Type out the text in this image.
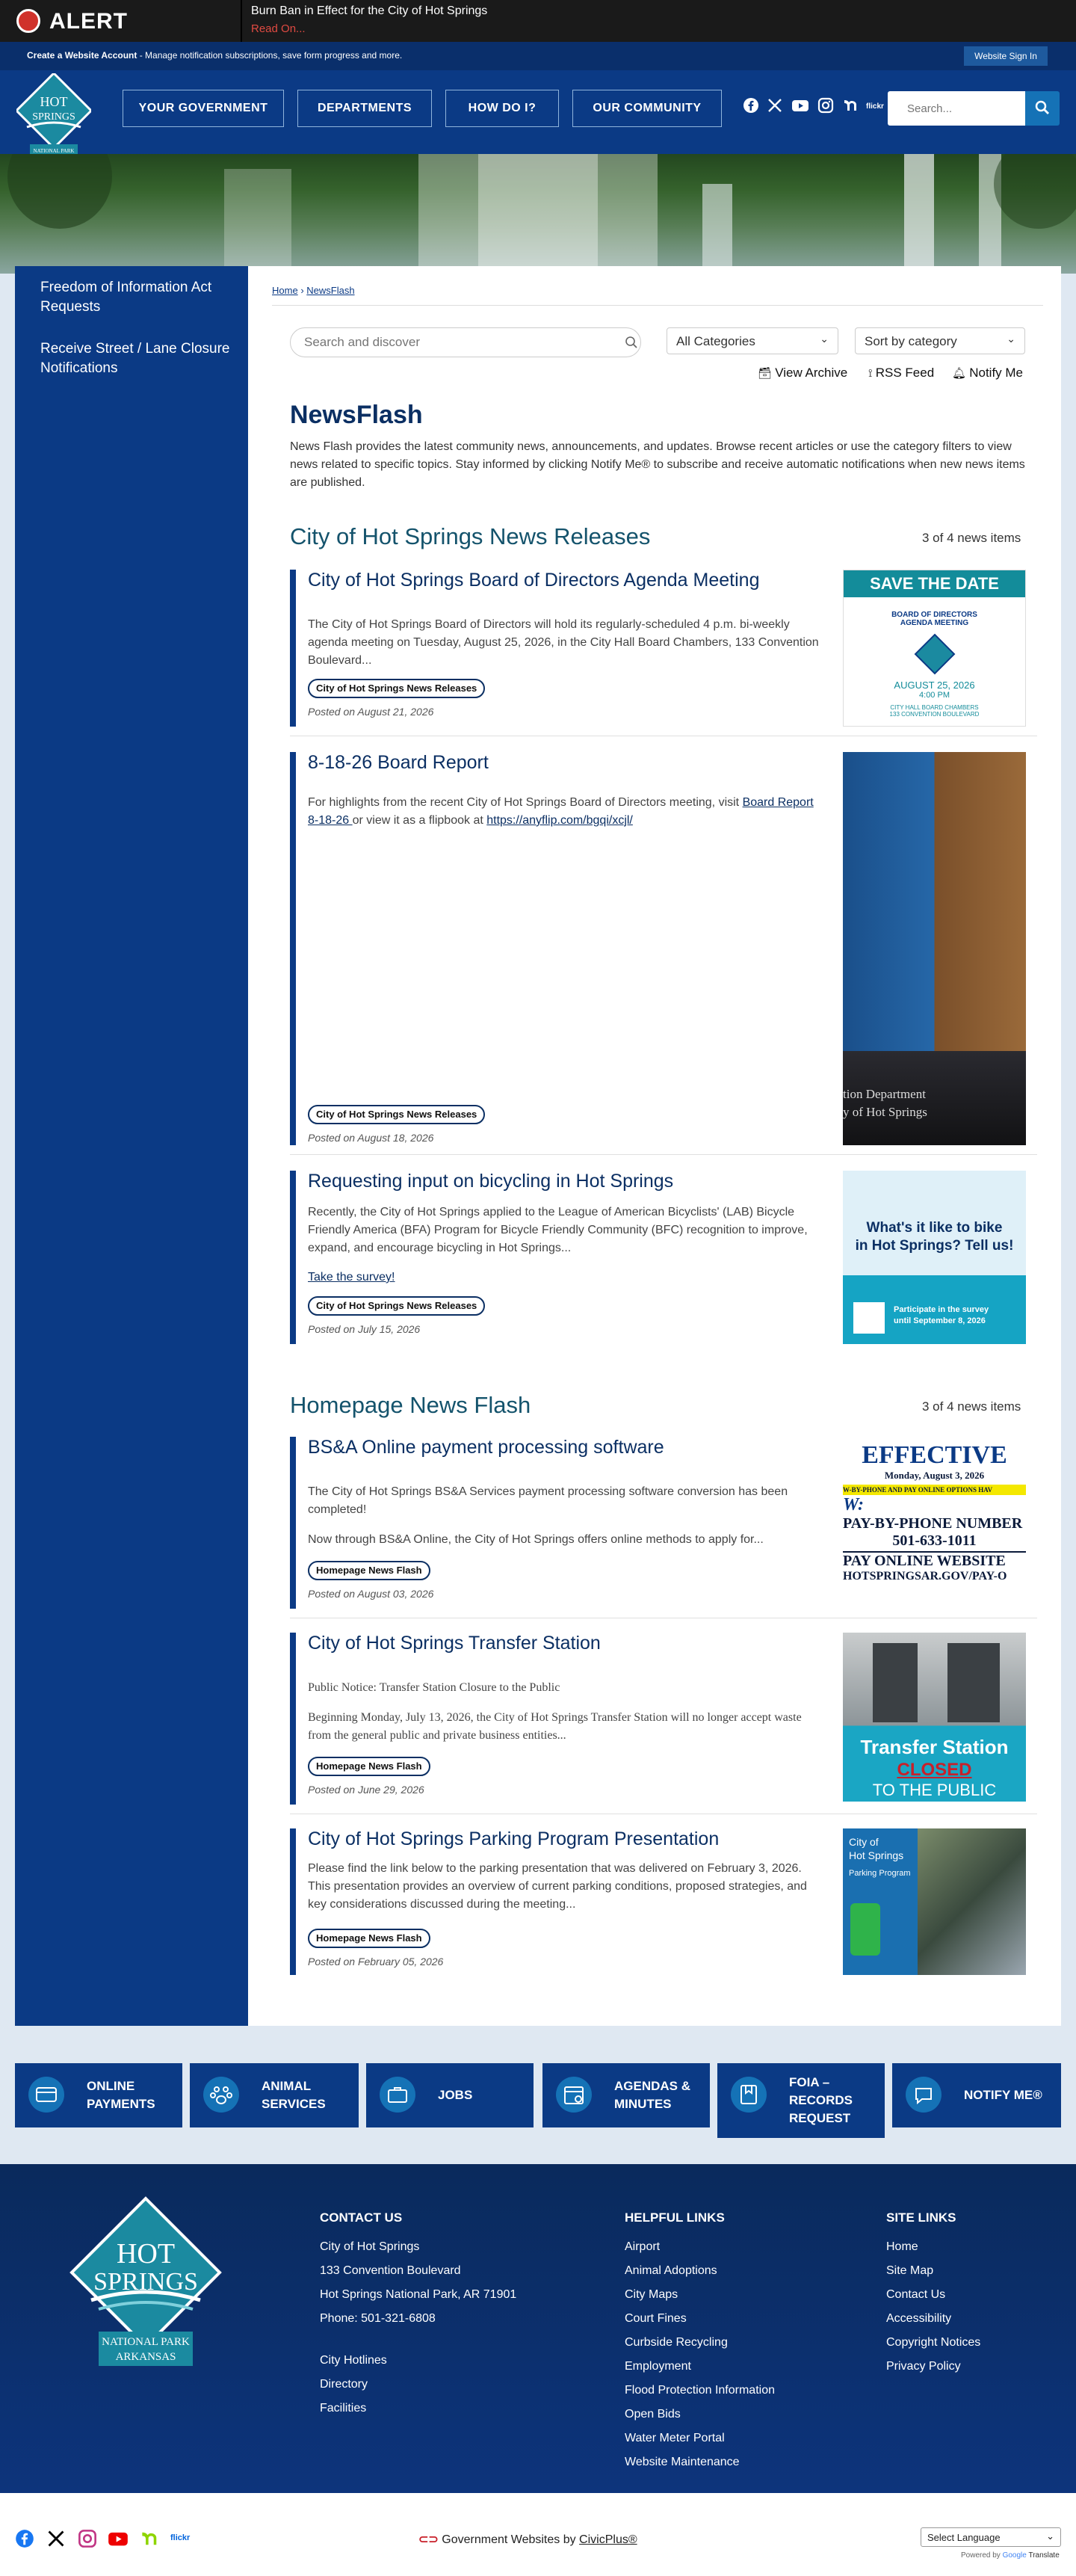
ALERT	Burn Ban in Effect for the City of Hot Springs
Read On...
Create a Website Account - Manage notification subscriptions, save form progress and more.	Website Sign In
HOT
SPRINGS
NATIONAL PARK
YOUR GOVERNMENT	DEPARTMENTS	HOW DO I?	OUR COMMUNITY	flickr
Search...
Freedom of Information Act Requests
Receive Street / Lane Closure Notifications
Home › NewsFlash
Search and discover
All Categories	⌄	Sort by category	⌄
🗃 View Archive ⟟ RSS Feed 🔔︎ Notify Me
NewsFlash
News Flash provides the latest community news, announcements, and updates. Browse recent articles or use the category filters to view news related to specific topics. Stay informed by clicking Notify Me® to subscribe and receive automatic notifications when new news items are published.
City of Hot Springs News Releases	3 of 4 news items
City of Hot Springs Board of Directors Agenda Meeting
The City of Hot Springs Board of Directors will hold its regularly-scheduled 4 p.m. bi-weekly agenda meeting on Tuesday, August 25, 2026, in the City Hall Board Chambers, 133 Convention Boulevard...
City of Hot Springs News Releases
Posted on August 21, 2026
SAVE THE DATE
BOARD OF DIRECTORS
AGENDA MEETING
AUGUST 25, 2026
4:00 PM
CITY HALL BOARD CHAMBERS
133 CONVENTION BOULEVARD
8-18-26 Board Report
For highlights from the recent City of Hot Springs Board of Directors meeting, visit Board Report 8-18-26 or view it as a flipbook at https://anyflip.com/bgqi/xcjl/
City of Hot Springs News Releases
Posted on August 18, 2026
tion Department
y of Hot Springs
Requesting input on bicycling in Hot Springs
Recently, the City of Hot Springs applied to the League of American Bicyclists' (LAB) Bicycle Friendly America (BFA) Program for Bicycle Friendly Community (BFC) recognition to improve, expand, and encourage bicycling in Hot Springs...
Take the survey!
City of Hot Springs News Releases
Posted on July 15, 2026
What's it like to bike
in Hot Springs? Tell us!
Participate in the survey
until September 8, 2026
Homepage News Flash	3 of 4 news items
BS&A Online payment processing software
The City of Hot Springs BS&A Services payment processing software conversion has been completed!
Now through BS&A Online, the City of Hot Springs offers online methods to apply for...
Homepage News Flash
Posted on August 03, 2026
EFFECTIVE
Monday, August 3, 2026
W-BY-PHONE AND PAY ONLINE OPTIONS HAV
W:
PAY-BY-PHONE NUMBER
501-633-1011
PAY ONLINE WEBSITE
HOTSPRINGSAR.GOV/PAY-O
City of Hot Springs Transfer Station
Public Notice: Transfer Station Closure to the Public
Beginning Monday, July 13, 2026, the City of Hot Springs Transfer Station will no longer accept waste from the general public and private business entities...
Homepage News Flash
Posted on June 29, 2026
Transfer Station
CLOSED
TO THE PUBLIC
City of Hot Springs Parking Program Presentation
Please find the link below to the parking presentation that was delivered on February 3, 2026. This presentation provides an overview of current parking conditions, proposed strategies, and key considerations discussed during the meeting...
Homepage News Flash
Posted on February 05, 2026
City of
Hot Springs
Parking Program
ONLINE
PAYMENTS
ANIMAL
SERVICES
JOBS
AGENDAS &
MINUTES
FOIA –
RECORDS
REQUEST
NOTIFY ME®
HOT
SPRINGS
NATIONAL PARK
ARKANSAS
CONTACT US
City of Hot Springs
133 Convention Boulevard
Hot Springs National Park, AR 71901
Phone: 501-321-6808
City Hotlines
Directory
Facilities
HELPFUL LINKS
Airport
Animal Adoptions
City Maps
Court Fines
Curbside Recycling
Employment
Flood Protection Information
Open Bids
Water Meter Portal
Website Maintenance
SITE LINKS
Home
Site Map
Contact Us
Accessibility
Copyright Notices
Privacy Policy
flickr	⊂⊃ Government Websites by CivicPlus®	Select Language	⌄
Powered by Google Translate
